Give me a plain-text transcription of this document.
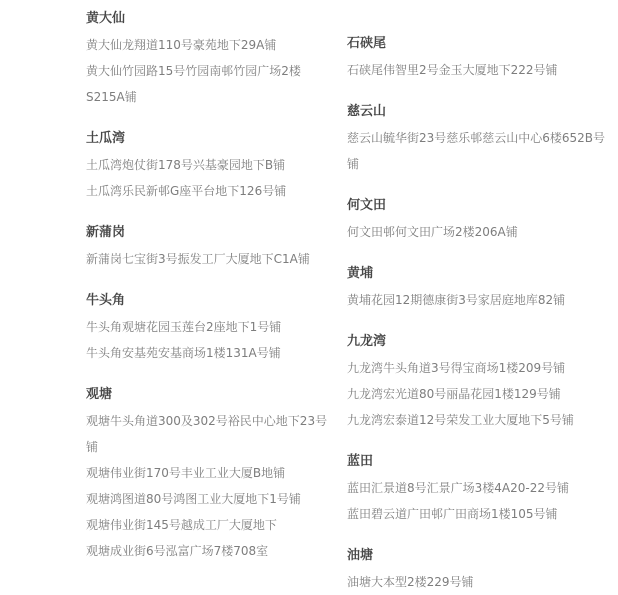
黄大仙

黄大仙龙翔道110号豪苑地下29A铺

黄大仙竹园路15号竹园南邨竹园广场2楼S215A铺

土瓜湾

土瓜湾炮仗街178号兴基豪园地下B铺

土瓜湾乐民新邨G座平台地下126号铺

新蒲岗

新蒲岗七宝街3号振发工厂大厦地下C1A铺

牛头角

牛头角观塘花园玉莲台2座地下1号铺

牛头角安基苑安基商场1楼131A号铺

观塘

观塘牛头角道300及302号裕民中心地下23号铺

观塘伟业街170号丰业工业大厦B地铺

观塘鸿图道80号鸿图工业大厦地下1号铺

观塘伟业街145号越成工厂大厦地下

观塘成业街6号泓富广场7楼708室

石硖尾

石硖尾伟智里2号金玉大厦地下222号铺

慈云山

慈云山毓华街23号慈乐邨慈云山中心6楼652B号铺

何文田

何文田邨何文田广场2楼206A铺

黄埔

黄埔花园12期德康街3号家居庭地库82铺

九龙湾

九龙湾牛头角道3号得宝商场1楼209号铺

九龙湾宏光道80号丽晶花园1楼129号铺

九龙湾宏泰道12号荣发工业大厦地下5号铺

蓝田

蓝田汇景道8号汇景广场3楼4A20-22号铺

蓝田碧云道广田邨广田商场1楼105号铺

油塘

油塘大本型2楼229号铺
